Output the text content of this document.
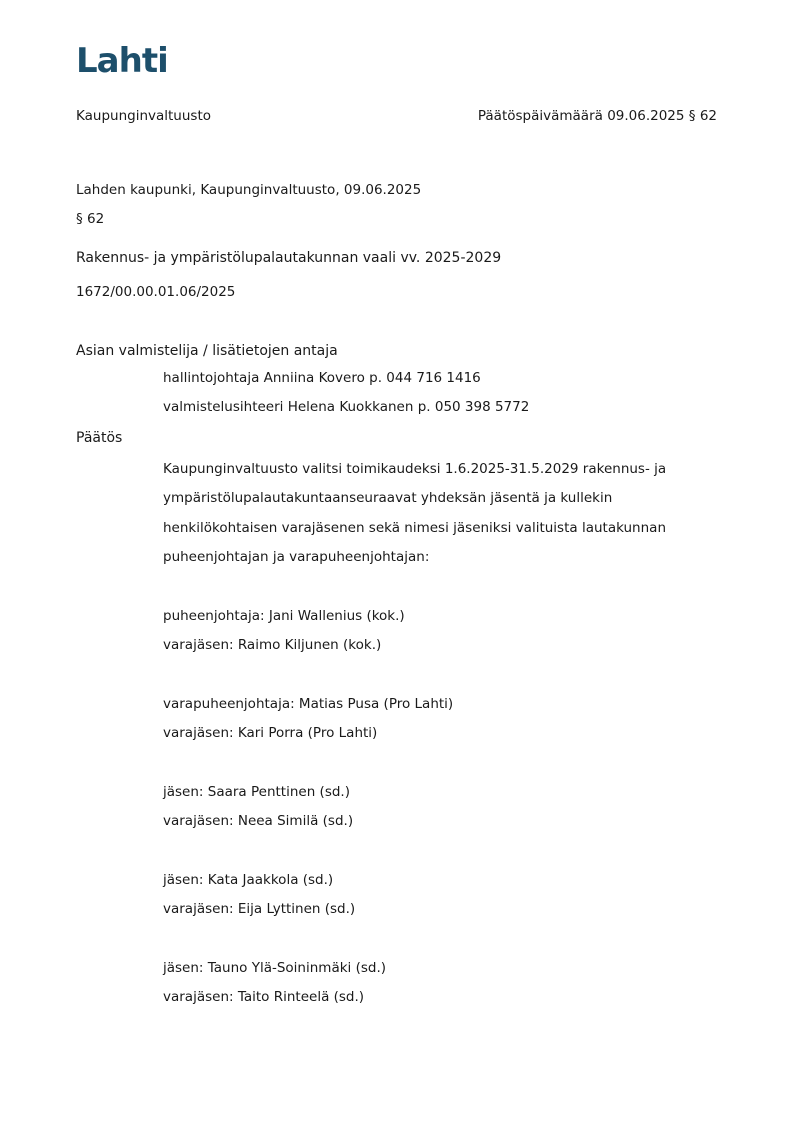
Lahti
Kaupunginvaltuusto	Päätöspäivämäärä 09.06.2025 § 62
Lahden kaupunki, Kaupunginvaltuusto, 09.06.2025
§ 62
Rakennus- ja ympäristölupalautakunnan vaali vv. 2025-2029
1672/00.00.01.06/2025
Asian valmistelija / lisätietojen antaja
hallintojohtaja Anniina Kovero p. 044 716 1416
valmistelusihteeri Helena Kuokkanen p. 050 398 5772
Päätös
Kaupunginvaltuusto valitsi toimikaudeksi 1.6.2025-31.5.2029 rakennus- ja ympäristölupalautakuntaanseuraavat yhdeksän jäsentä ja kullekin henkilökohtaisen varajäsenen sekä nimesi jäseniksi valituista lautakunnan puheenjohtajan ja varapuheenjohtajan:
puheenjohtaja: Jani Wallenius (kok.)
varajäsen: Raimo Kiljunen (kok.)
varapuheenjohtaja: Matias Pusa (Pro Lahti)
varajäsen: Kari Porra (Pro Lahti)
jäsen: Saara Penttinen (sd.)
varajäsen: Neea Similä (sd.)
jäsen: Kata Jaakkola (sd.)
varajäsen: Eija Lyttinen (sd.)
jäsen: Tauno Ylä-Soininmäki (sd.)
varajäsen: Taito Rinteelä (sd.)
